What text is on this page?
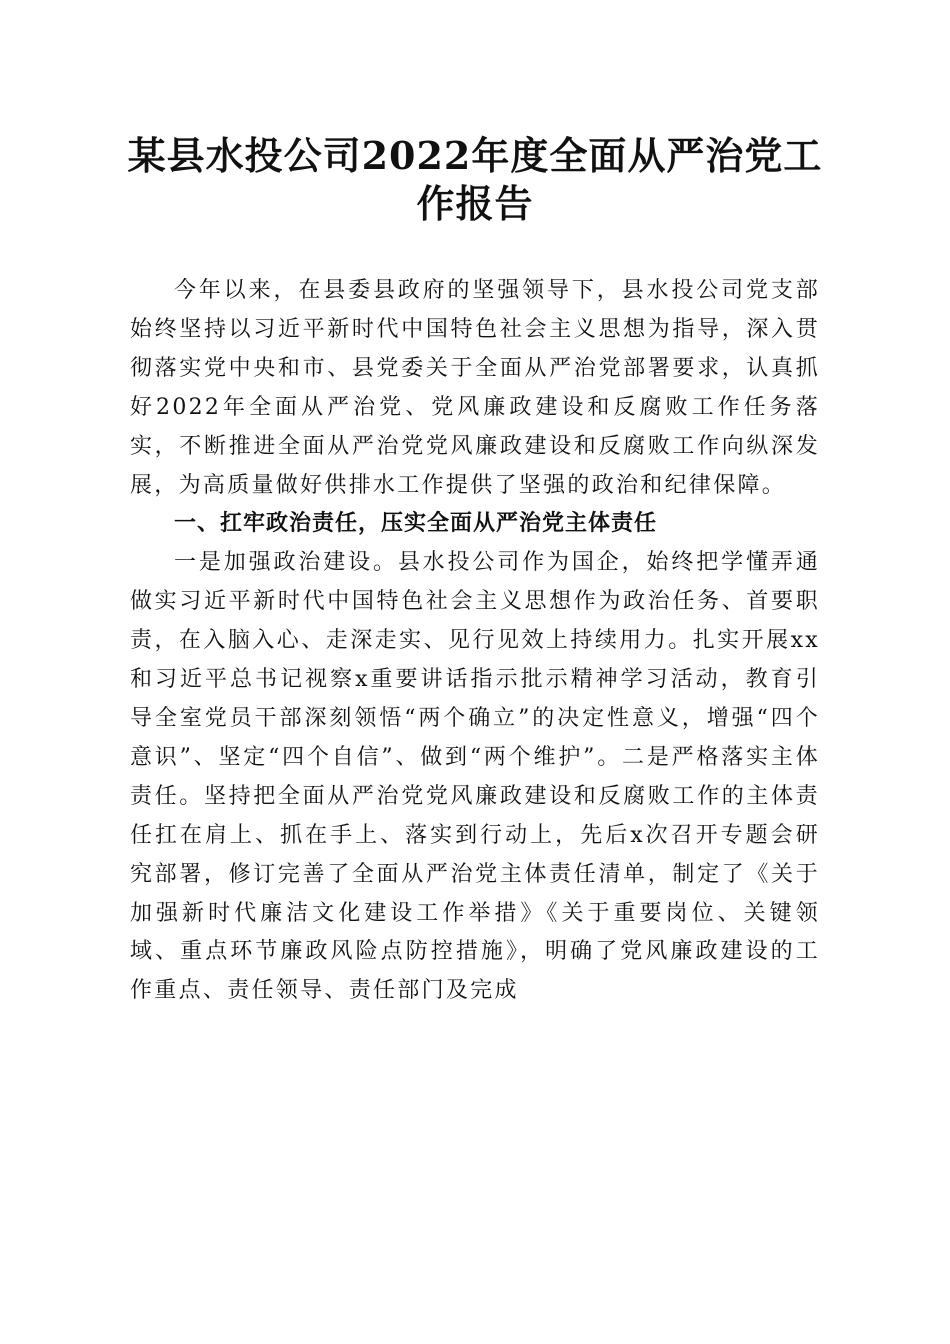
某县水投公司2022年度全面从严治党工作报告

今年以来，在县委县政府的坚强领导下，县水投公司党支部始终坚持以习近平新时代中国特色社会主义思想为指导，深入贯彻落实党中央和市、县党委关于全面从严治党部署要求，认真抓好2022年全面从严治党、党风廉政建设和反腐败工作任务落实，不断推进全面从严治党党风廉政建设和反腐败工作向纵深发展，为高质量做好供排水工作提供了坚强的政治和纪律保障。

一、扛牢政治责任，压实全面从严治党主体责任

一是加强政治建设。县水投公司作为国企，始终把学懂弄通做实习近平新时代中国特色社会主义思想作为政治任务、首要职责，在入脑入心、走深走实、见行见效上持续用力。扎实开展xx和习近平总书记视察x重要讲话指示批示精神学习活动，教育引导全室党员干部深刻领悟“两个确立”的决定性意义，增强“四个意识”、坚定“四个自信”、做到“两个维护”。二是严格落实主体责任。坚持把全面从严治党党风廉政建设和反腐败工作的主体责任扛在肩上、抓在手上、落实到行动上，先后x次召开专题会研究部署，修订完善了全面从严治党主体责任清单，制定了《关于加强新时代廉洁文化建设工作举措》《关于重要岗位、关键领域、重点环节廉政风险点防控措施》，明确了党风廉政建设的工作重点、责任领导、责任部门及完成
